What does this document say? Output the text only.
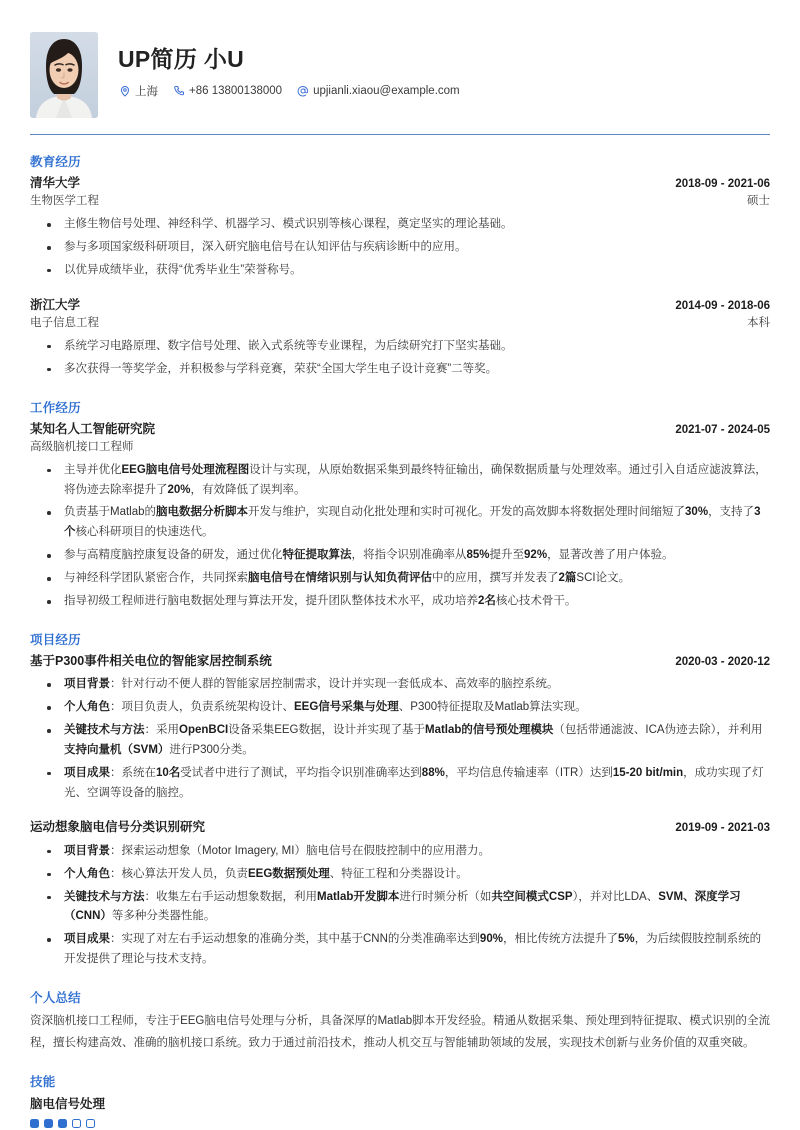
UP简历 小U
上海	+86 13800138000	upjianli.xiaou@example.com
教育经历
清华大学	2018-09 - 2021-06
生物医学工程	硕士
主修生物信号处理、神经科学、机器学习、模式识别等核心课程，奠定坚实的理论基础。
参与多项国家级科研项目，深入研究脑电信号在认知评估与疾病诊断中的应用。
以优异成绩毕业，获得“优秀毕业生”荣誉称号。
浙江大学	2014-09 - 2018-06
电子信息工程	本科
系统学习电路原理、数字信号处理、嵌入式系统等专业课程，为后续研究打下坚实基础。
多次获得一等奖学金，并积极参与学科竞赛，荣获“全国大学生电子设计竞赛”二等奖。
工作经历
某知名人工智能研究院	2021-07 - 2024-05
高级脑机接口工程师
主导并优化EEG脑电信号处理流程图设计与实现，从原始数据采集到最终特征输出，确保数据质量与处理效率。通过引入自适应滤波算法，将伪迹去除率提升了20%，有效降低了误判率。
负责基于Matlab的脑电数据分析脚本开发与维护，实现自动化批处理和实时可视化。开发的高效脚本将数据处理时间缩短了30%，支持了3个核心科研项目的快速迭代。
参与高精度脑控康复设备的研发，通过优化特征提取算法，将指令识别准确率从85%提升至92%，显著改善了用户体验。
与神经科学团队紧密合作，共同探索脑电信号在情绪识别与认知负荷评估中的应用，撰写并发表了2篇SCI论文。
指导初级工程师进行脑电数据处理与算法开发，提升团队整体技术水平，成功培养2名核心技术骨干。
项目经历
基于P300事件相关电位的智能家居控制系统	2020-03 - 2020-12
项目背景：针对行动不便人群的智能家居控制需求，设计并实现一套低成本、高效率的脑控系统。
个人角色：项目负责人，负责系统架构设计、EEG信号采集与处理、P300特征提取及Matlab算法实现。
关键技术与方法：采用OpenBCI设备采集EEG数据，设计并实现了基于Matlab的信号预处理模块（包括带通滤波、ICA伪迹去除），并利用支持向量机（SVM）进行P300分类。
项目成果：系统在10名受试者中进行了测试，平均指令识别准确率达到88%，平均信息传输速率（ITR）达到15-20 bit/min，成功实现了灯光、空调等设备的脑控。
运动想象脑电信号分类识别研究	2019-09 - 2021-03
项目背景：探索运动想象（Motor Imagery, MI）脑电信号在假肢控制中的应用潜力。
个人角色：核心算法开发人员，负责EEG数据预处理、特征工程和分类器设计。
关键技术与方法：收集左右手运动想象数据，利用Matlab开发脚本进行时频分析（如共空间模式CSP），并对比LDA、SVM、深度学习（CNN）等多种分类器性能。
项目成果：实现了对左右手运动想象的准确分类，其中基于CNN的分类准确率达到90%，相比传统方法提升了5%，为后续假肢控制系统的开发提供了理论与技术支持。
个人总结
资深脑机接口工程师，专注于EEG脑电信号处理与分析，具备深厚的Matlab脚本开发经验。精通从数据采集、预处理到特征提取、模式识别的全流程，擅长构建高效、准确的脑机接口系统。致力于通过前沿技术，推动人机交互与智能辅助领域的发展，实现技术创新与业务价值的双重突破。
技能
脑电信号处理
